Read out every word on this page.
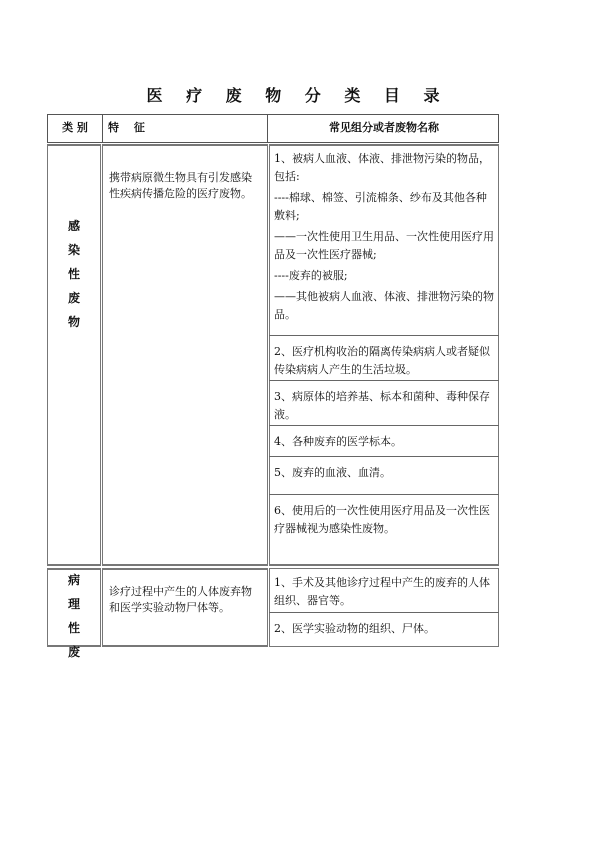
医 疗 废 物 分 类 目 录
类 别	特　 征	常见组分或者废物名称
感
染
性
废
物
携带病原微生物具有引发感染性疾病传播危险的医疗废物。

1、被病人血液、体液、排泄物污染的物品，包括:

----棉球、棉签、引流棉条、纱布及其他各种敷料;

——一次性使用卫生用品、一次性使用医疗用品及一次性医疗器械;

----废弃的被服;

——其他被病人血液、体液、排泄物污染的物品。

2、医疗机构收治的隔离传染病病人或者疑似传染病病人产生的生活垃圾。

3、病原体的培养基、标本和菌种、毒种保存液。

4、各种废弃的医学标本。

5、废弃的血液、血清。

6、使用后的一次性使用医疗用品及一次性医疗器械视为感染性废物。

病
理
性
废
诊疗过程中产生的人体废弃物和医学实验动物尸体等。

1、手术及其他诊疗过程中产生的废弃的人体组织、器官等。

2、医学实验动物的组织、尸体。
